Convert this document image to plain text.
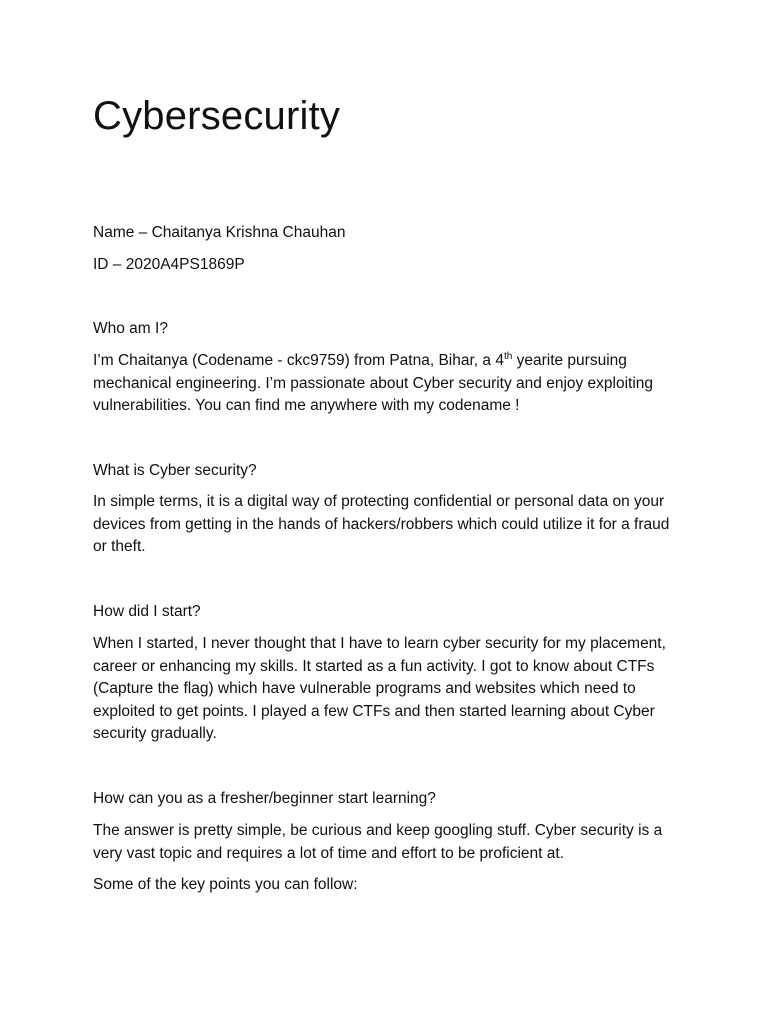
Cybersecurity

Name – Chaitanya Krishna Chauhan

ID – 2020A4PS1869P

Who am I?

I’m Chaitanya (Codename - ckc9759) from Patna, Bihar, a 4th yearite pursuing mechanical engineering. I’m passionate about Cyber security and enjoy exploiting vulnerabilities. You can find me anywhere with my codename !

What is Cyber security?

In simple terms, it is a digital way of protecting confidential or personal data on your devices from getting in the hands of hackers/robbers which could utilize it for a fraud or theft.

How did I start?

When I started, I never thought that I have to learn cyber security for my placement, career or enhancing my skills. It started as a fun activity. I got to know about CTFs (Capture the flag) which have vulnerable programs and websites which need to exploited to get points. I played a few CTFs and then started learning about Cyber security gradually.

How can you as a fresher/beginner start learning?

The answer is pretty simple, be curious and keep googling stuff. Cyber security is a very vast topic and requires a lot of time and effort to be proficient at.

Some of the key points you can follow:
